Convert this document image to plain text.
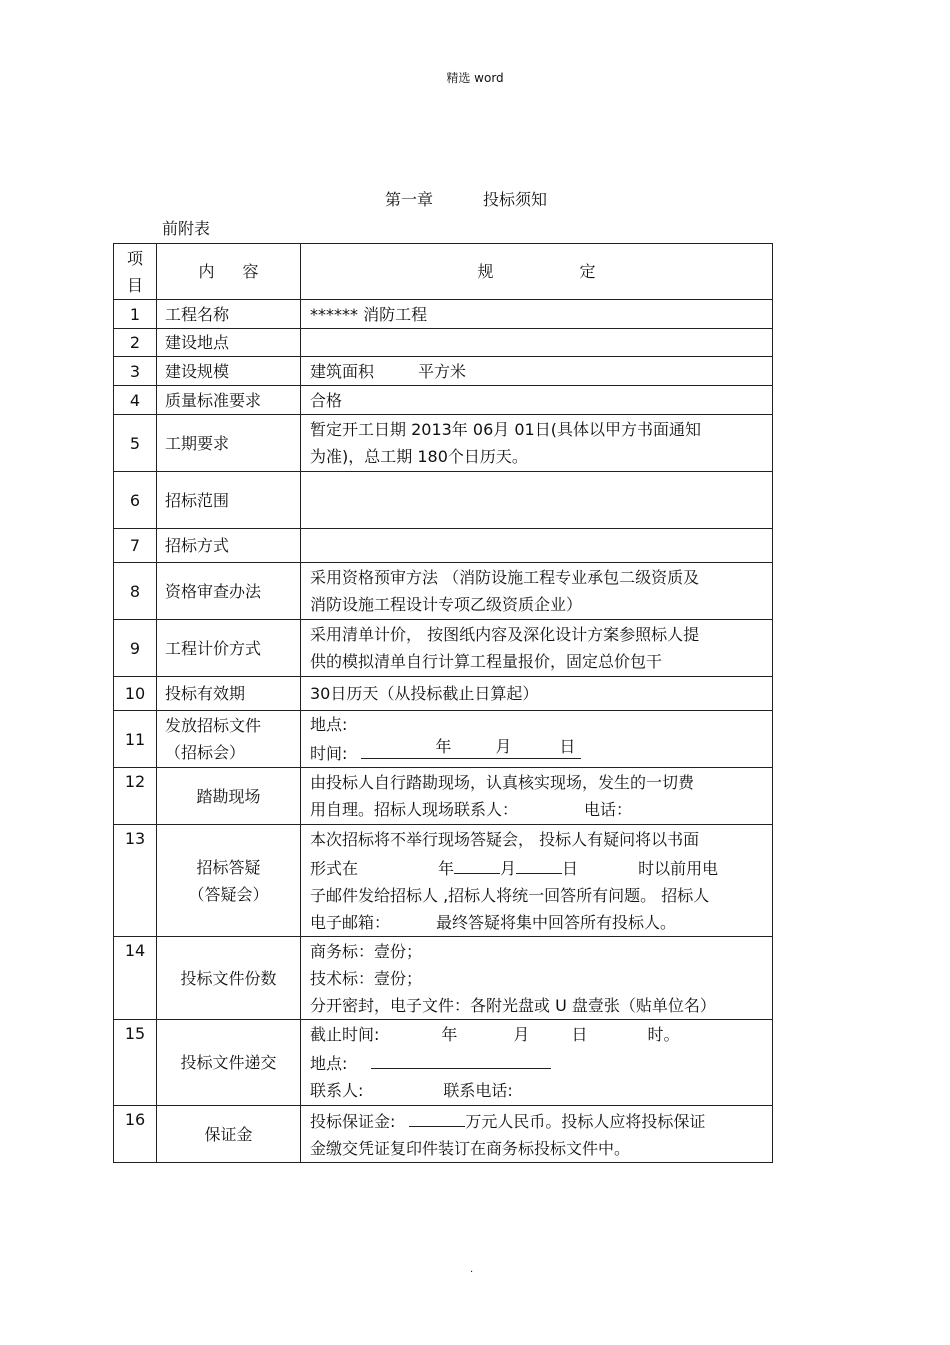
精选 word
第一章	投标须知
前附表
项
目	内 容	规 定

1	工程名称	****** 消防工程
2	建设地点	
3	建设规模	建筑面积 平方米
4	质量标准要求	合格
5	工期要求	暂定开工日期 2013年 06月 01日(具体以甲方书面通知
为准)，总工期 180个日历天。
6	招标范围	
7	招标方式	
8	资格审查办法	采用资格预审方法 （消防设施工程专业承包二级资质及
消防设施工程设计专项乙级资质企业）
9	工程计价方式	采用清单计价， 按图纸内容及深化设计方案参照标人提
供的模拟清单自行计算工程量报价，固定总价包干
10	投标有效期	30日历天（从投标截止日算起）
11	发放招标文件
（招标会）	地点:
时间: 年 月 日

12	踏勘现场	由投标人自行踏勘现场，认真核实现场，发生的一切费
用自理。招标人现场联系人： 电话：
13	招标答疑
（答疑会）	本次招标将不举行现场答疑会， 投标人有疑问将以书面
形式在 年 月 日 时以前用电
子邮件发给招标人 ,招标人将统一回答所有问题。 招标人
电子邮箱： 最终答疑将集中回答所有投标人。
14	投标文件份数	商务标：壹份；
技术标：壹份；
分开密封，电子文件：各附光盘或 U 盘壹张（贴单位名）
15	投标文件递交	截止时间: 年 月 日 时。
地点:
联系人: 联系电话:
16	保证金	投标保证金: 万元人民币。投标人应将投标保证
金缴交凭证复印件装订在商务标投标文件中。
.
